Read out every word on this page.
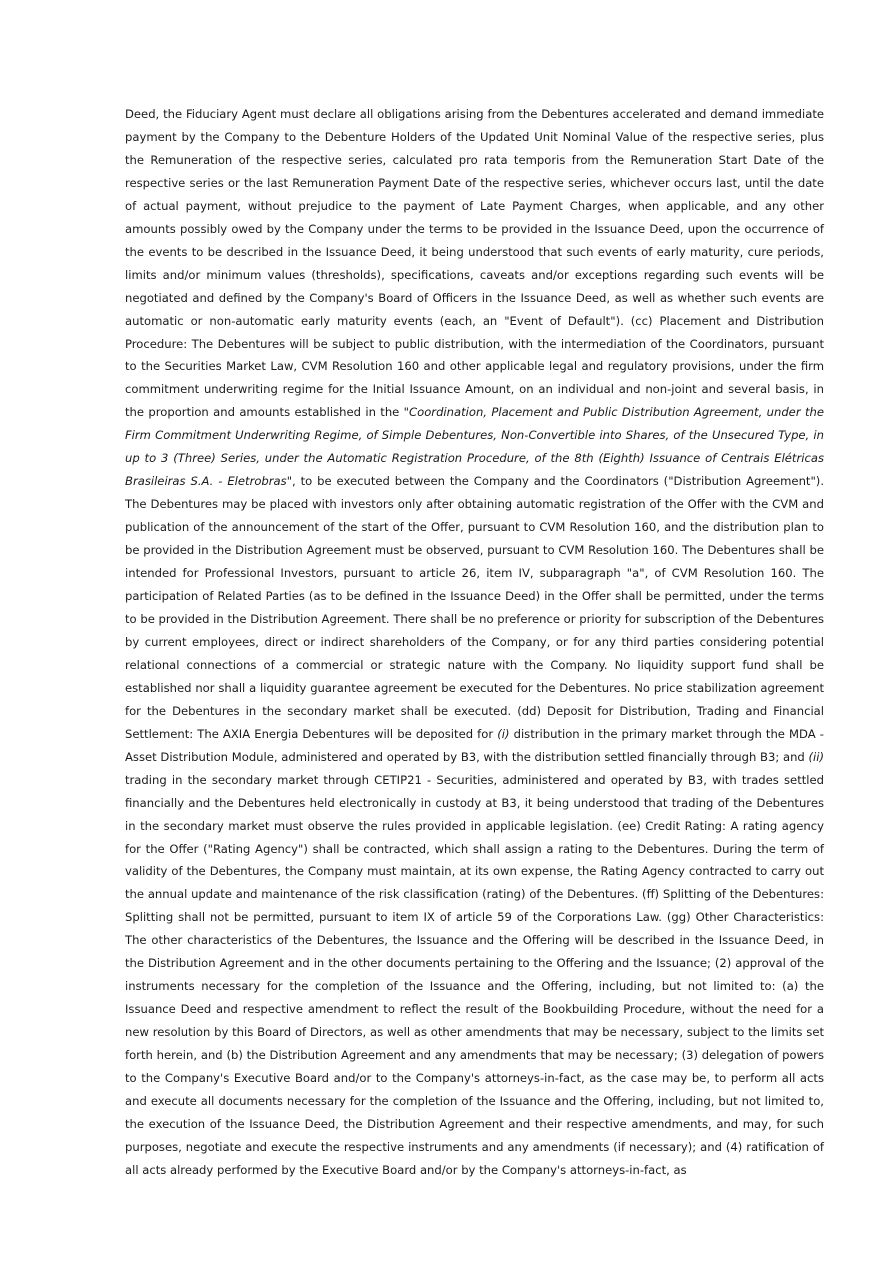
Deed, the Fiduciary Agent must declare all obligations arising from the Debentures accelerated and demand immediate payment by the Company to the Debenture Holders of the Updated Unit Nominal Value of the respective series, plus the Remuneration of the respective series, calculated pro rata temporis from the Remuneration Start Date of the respective series or the last Remuneration Payment Date of the respective series, whichever occurs last, until the date of actual payment, without prejudice to the payment of Late Payment Charges, when applicable, and any other amounts possibly owed by the Company under the terms to be provided in the Issuance Deed, upon the occurrence of the events to be described in the Issuance Deed, it being understood that such events of early maturity, cure periods, limits and/or minimum values (thresholds), specifications, caveats and/or exceptions regarding such events will be negotiated and defined by the Company's Board of Officers in the Issuance Deed, as well as whether such events are automatic or non-automatic early maturity events (each, an "Event of Default"). (cc) Placement and Distribution Procedure: The Debentures will be subject to public distribution, with the intermediation of the Coordinators, pursuant to the Securities Market Law, CVM Resolution 160 and other applicable legal and regulatory provisions, under the firm commitment underwriting regime for the Initial Issuance Amount, on an individual and non-joint and several basis, in the proportion and amounts established in the "Coordination, Placement and Public Distribution Agreement, under the Firm Commitment Underwriting Regime, of Simple Debentures, Non-Convertible into Shares, of the Unsecured Type, in up to 3 (Three) Series, under the Automatic Registration Procedure, of the 8th (Eighth) Issuance of Centrais Elétricas Brasileiras S.A. - Eletrobras", to be executed between the Company and the Coordinators ("Distribution Agreement"). The Debentures may be placed with investors only after obtaining automatic registration of the Offer with the CVM and publication of the announcement of the start of the Offer, pursuant to CVM Resolution 160, and the distribution plan to be provided in the Distribution Agreement must be observed, pursuant to CVM Resolution 160. The Debentures shall be intended for Professional Investors, pursuant to article 26, item IV, subparagraph "a", of CVM Resolution 160. The participation of Related Parties (as to be defined in the Issuance Deed) in the Offer shall be permitted, under the terms to be provided in the Distribution Agreement. There shall be no preference or priority for subscription of the Debentures by current employees, direct or indirect shareholders of the Company, or for any third parties considering potential relational connections of a commercial or strategic nature with the Company. No liquidity support fund shall be established nor shall a liquidity guarantee agreement be executed for the Debentures. No price stabilization agreement for the Debentures in the secondary market shall be executed. (dd) Deposit for Distribution, Trading and Financial Settlement: The AXIA Energia Debentures will be deposited for (i) distribution in the primary market through the MDA - Asset Distribution Module, administered and operated by B3, with the distribution settled financially through B3; and (ii) trading in the secondary market through CETIP21 - Securities, administered and operated by B3, with trades settled financially and the Debentures held electronically in custody at B3, it being understood that trading of the Debentures in the secondary market must observe the rules provided in applicable legislation. (ee) Credit Rating: A rating agency for the Offer ("Rating Agency") shall be contracted, which shall assign a rating to the Debentures. During the term of validity of the Debentures, the Company must maintain, at its own expense, the Rating Agency contracted to carry out the annual update and maintenance of the risk classification (rating) of the Debentures. (ff) Splitting of the Debentures: Splitting shall not be permitted, pursuant to item IX of article 59 of the Corporations Law. (gg) Other Characteristics: The other characteristics of the Debentures, the Issuance and the Offering will be described in the Issuance Deed, in the Distribution Agreement and in the other documents pertaining to the Offering and the Issuance; (2) approval of the instruments necessary for the completion of the Issuance and the Offering, including, but not limited to: (a) the Issuance Deed and respective amendment to reflect the result of the Bookbuilding Procedure, without the need for a new resolution by this Board of Directors, as well as other amendments that may be necessary, subject to the limits set forth herein, and (b) the Distribution Agreement and any amendments that may be necessary; (3) delegation of powers to the Company's Executive Board and/or to the Company's attorneys-in-fact, as the case may be, to perform all acts and execute all documents necessary for the completion of the Issuance and the Offering, including, but not limited to, the execution of the Issuance Deed, the Distribution Agreement and their respective amendments, and may, for such purposes, negotiate and execute the respective instruments and any amendments (if necessary); and (4) ratification of all acts already performed by the Executive Board and/or by the Company's attorneys-in-fact, as
